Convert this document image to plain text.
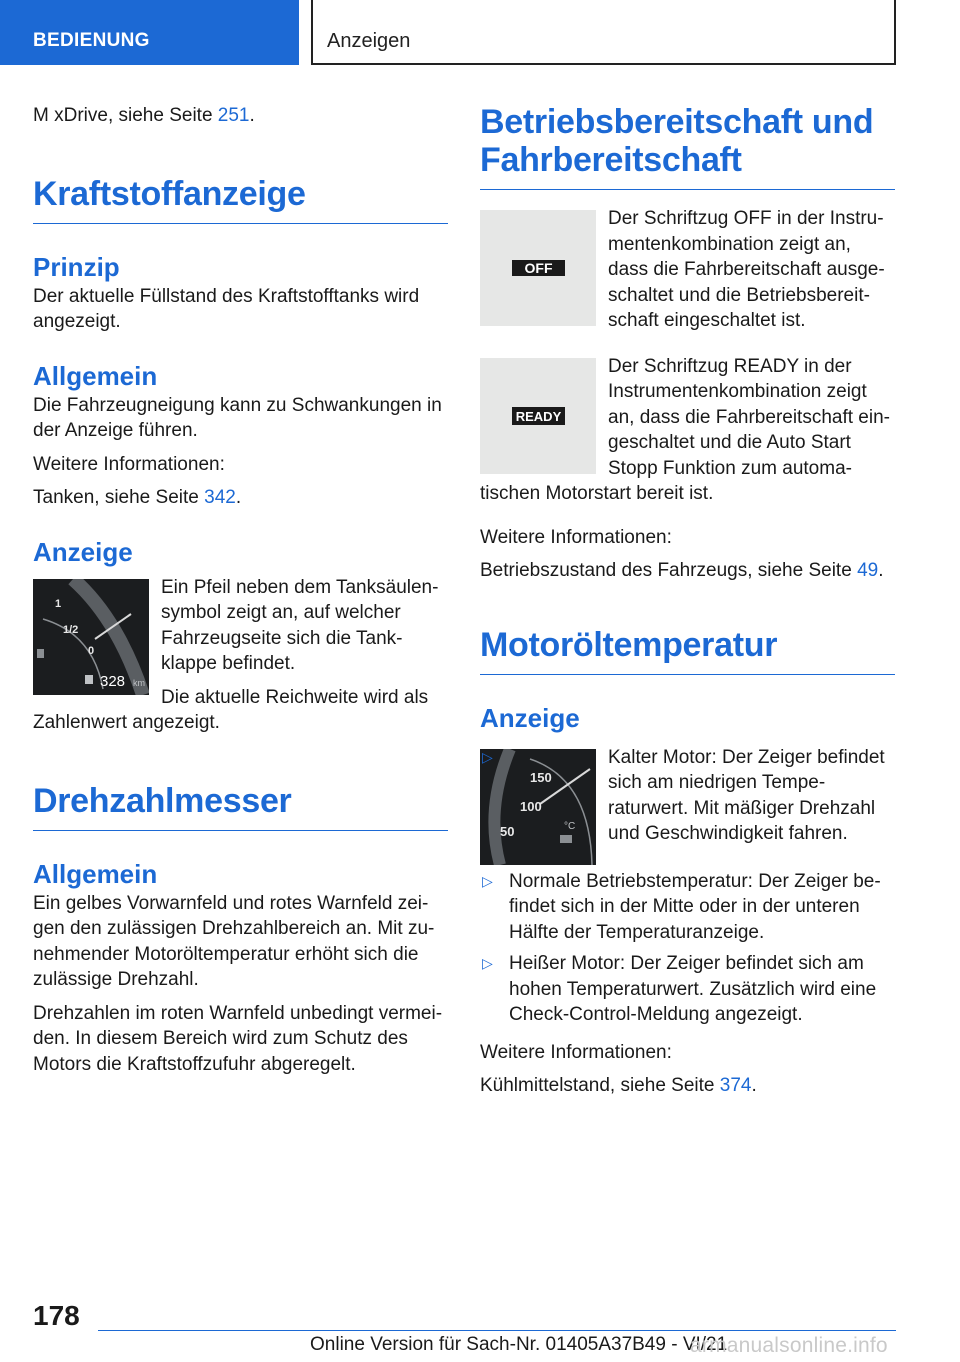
BEDIENUNG	Anzeigen

M xDrive, siehe Seite 251.

Kraftstoffanzeige
Prinzip

Der aktuelle Füllstand des Kraftstofftanks wird angezeigt.

Allgemein

Die Fahrzeugneigung kann zu Schwankungen in der Anzeige führen.

Weitere Informationen:

Tanken, siehe Seite 342.

Anzeige
1
1/2
0
328 km

Ein Pfeil neben dem Tanksäulensymbol zeigt an, auf welcher Fahrzeugseite sich die Tankklappe befindet.

Die aktuelle Reichweite wird als Zahlenwert angezeigt.

Drehzahlmesser
Allgemein

Ein gelbes Vorwarnfeld und rotes Warnfeld zeigen den zulässigen Drehzahlbereich an. Mit zunehmender Motoröltemperatur erhöht sich die zulässige Drehzahl.

Drehzahlen im roten Warnfeld unbedingt vermeiden. In diesem Bereich wird zum Schutz des Motors die Kraftstoffzufuhr abgeregelt.

Betriebsbereitschaft und Fahrbereitschaft
OFF

Der Schriftzug OFF in der Instrumentenkombination zeigt an, dass die Fahrbereitschaft ausgeschaltet und die Betriebsbereitschaft eingeschaltet ist.

READY

Der Schriftzug READY in der Instrumentenkombination zeigt an, dass die Fahrbereitschaft eingeschaltet und die Auto Start Stopp Funktion zum automatischen Motorstart bereit ist.

Weitere Informationen:

Betriebszustand des Fahrzeugs, siehe Seite 49.

Motoröltemperatur
Anzeige
150
100
50	°C
▷	Kalter Motor: Der Zeiger befindet sich am niedrigen Temperaturwert. Mit mäßiger Drehzahl und Geschwindigkeit fahren.
▷ Normale Betriebstemperatur: Der Zeiger befindet sich in der Mitte oder in der unteren Hälfte der Temperaturanzeige.
▷ Heißer Motor: Der Zeiger befindet sich am hohen Temperaturwert. Zusätzlich wird eine Check-Control-Meldung angezeigt.

Weitere Informationen:

Kühlmittelstand, siehe Seite 374.

178
Online Version für Sach-Nr. 01405A37B49 - VI/21
armanualsonline.info
